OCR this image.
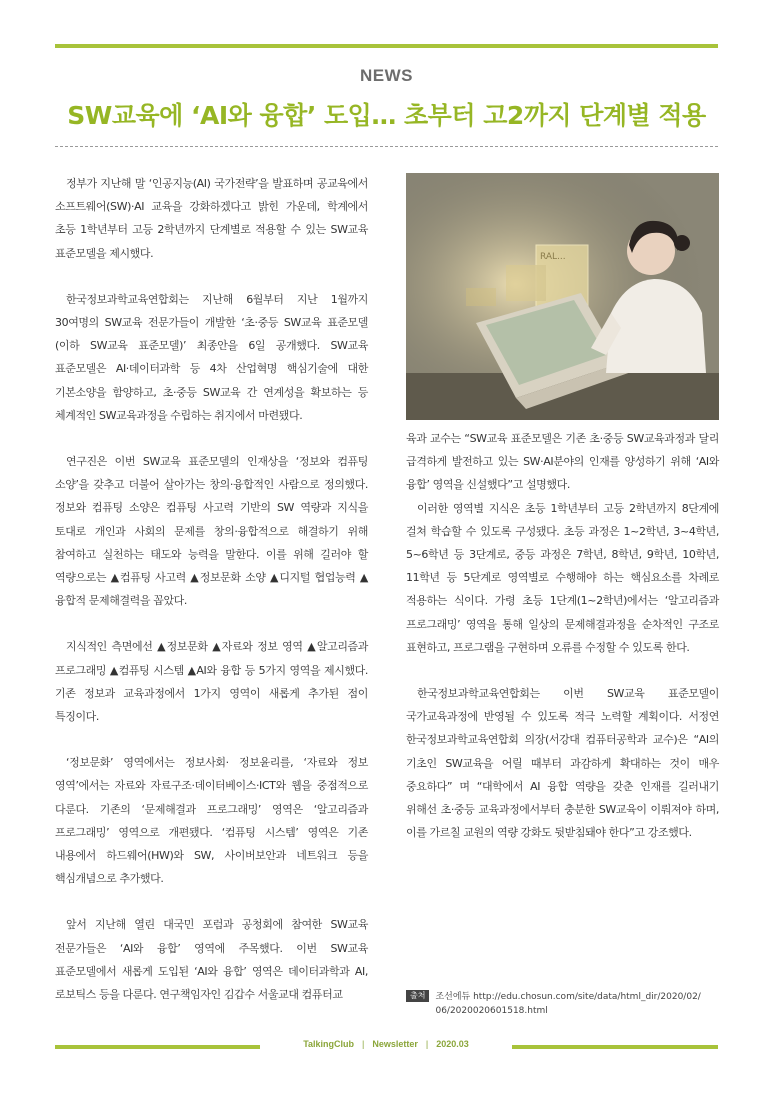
NEWS
SW교육에 ‘AI와 융합’ 도입… 초부터 고2까지 단계별 적용

정부가 지난해 말 ‘인공지능(AI) 국가전략’을 발표하며 공교육에서 소프트웨어(SW)·AI 교육을 강화하겠다고 밝힌 가운데, 학계에서 초등 1학년부터 고등 2학년까지 단계별로 적용할 수 있는 SW교육 표준모델을 제시했다.

한국정보과학교육연합회는 지난해 6월부터 지난 1월까지 30여명의 SW교육 전문가들이 개발한 ‘초·중등 SW교육 표준모델(이하 SW교육 표준모델)’ 최종안을 6일 공개했다. SW교육 표준모델은 AI·데이터과학 등 4차 산업혁명 핵심기술에 대한 기본소양을 함양하고, 초·중등 SW교육 간 연계성을 확보하는 등 체계적인 SW교육과정을 수립하는 취지에서 마련됐다.

연구진은 이번 SW교육 표준모델의 인재상을 ‘정보와 컴퓨팅 소양’을 갖추고 더불어 살아가는 창의·융합적인 사람으로 정의했다. 정보와 컴퓨팅 소양은 컴퓨팅 사고력 기반의 SW 역량과 지식을 토대로 개인과 사회의 문제를 창의·융합적으로 해결하기 위해 참여하고 실천하는 태도와 능력을 말한다. 이를 위해 길러야 할 역량으로는 ▲컴퓨팅 사고력 ▲정보문화 소양 ▲디지털 협업능력 ▲융합적 문제해결력을 꼽았다.

지식적인 측면에선 ▲정보문화 ▲자료와 정보 영역 ▲알고리즘과 프로그래밍 ▲컴퓨팅 시스템 ▲AI와 융합 등 5가지 영역을 제시했다. 기존 정보과 교육과정에서 1가지 영역이 새롭게 추가된 점이 특징이다.

‘정보문화’ 영역에서는 정보사회· 정보윤리를, ‘자료와 정보 영역’에서는 자료와 자료구조·데이터베이스·ICT와 웹을 중점적으로 다룬다. 기존의 ‘문제해결과 프로그래밍’ 영역은 ‘알고리즘과 프로그래밍’ 영역으로 개편됐다. ‘컴퓨팅 시스템’ 영역은 기존 내용에서 하드웨어(HW)와 SW, 사이버보안과 네트워크 등을 핵심개념으로 추가했다.

앞서 지난해 열린 대국민 포럼과 공청회에 참여한 SW교육 전문가들은 ‘AI와 융합’ 영역에 주목했다. 이번 SW교육 표준모델에서 새롭게 도입된 ‘AI와 융합’ 영역은 데이터과학과 AI, 로보틱스 등을 다룬다. 연구책임자인 김갑수 서울교대 컴퓨터교

RAL...

육과 교수는 “SW교육 표준모델은 기존 초·중등 SW교육과정과 달리 급격하게 발전하고 있는 SW·AI분야의 인재를 양성하기 위해 ‘AI와 융합’ 영역을 신설했다”고 설명했다.

이러한 영역별 지식은 초등 1학년부터 고등 2학년까지 8단계에 걸쳐 학습할 수 있도록 구성됐다. 초등 과정은 1~2학년, 3~4학년, 5~6학년 등 3단계로, 중등 과정은 7학년, 8학년, 9학년, 10학년, 11학년 등 5단계로 영역별로 수행해야 하는 핵심요소를 차례로 적용하는 식이다. 가령 초등 1단계(1~2학년)에서는 ‘알고리즘과 프로그래밍’ 영역을 통해 일상의 문제해결과정을 순차적인 구조로 표현하고, 프로그램을 구현하며 오류를 수정할 수 있도록 한다.

한국정보과학교육연합회는 이번 SW교육 표준모델이 국가교육과정에 반영될 수 있도록 적극 노력할 계획이다. 서정연 한국정보과학교육연합회 의장(서강대 컴퓨터공학과 교수)은 “AI의 기초인 SW교육을 어릴 때부터 과감하게 확대하는 것이 매우 중요하다” 며 “대학에서 AI 융합 역량을 갖춘 인재를 길러내기 위해선 초·중등 교육과정에서부터 충분한 SW교육이 이뤄져야 하며, 이를 가르칠 교원의 역량 강화도 뒷받침돼야 한다”고 강조했다.

출처 조선에듀 http://edu.chosun.com/site/data/html_dir/2020/02/06/2020020601518.html
TalkingClub | Newsletter | 2020.03
